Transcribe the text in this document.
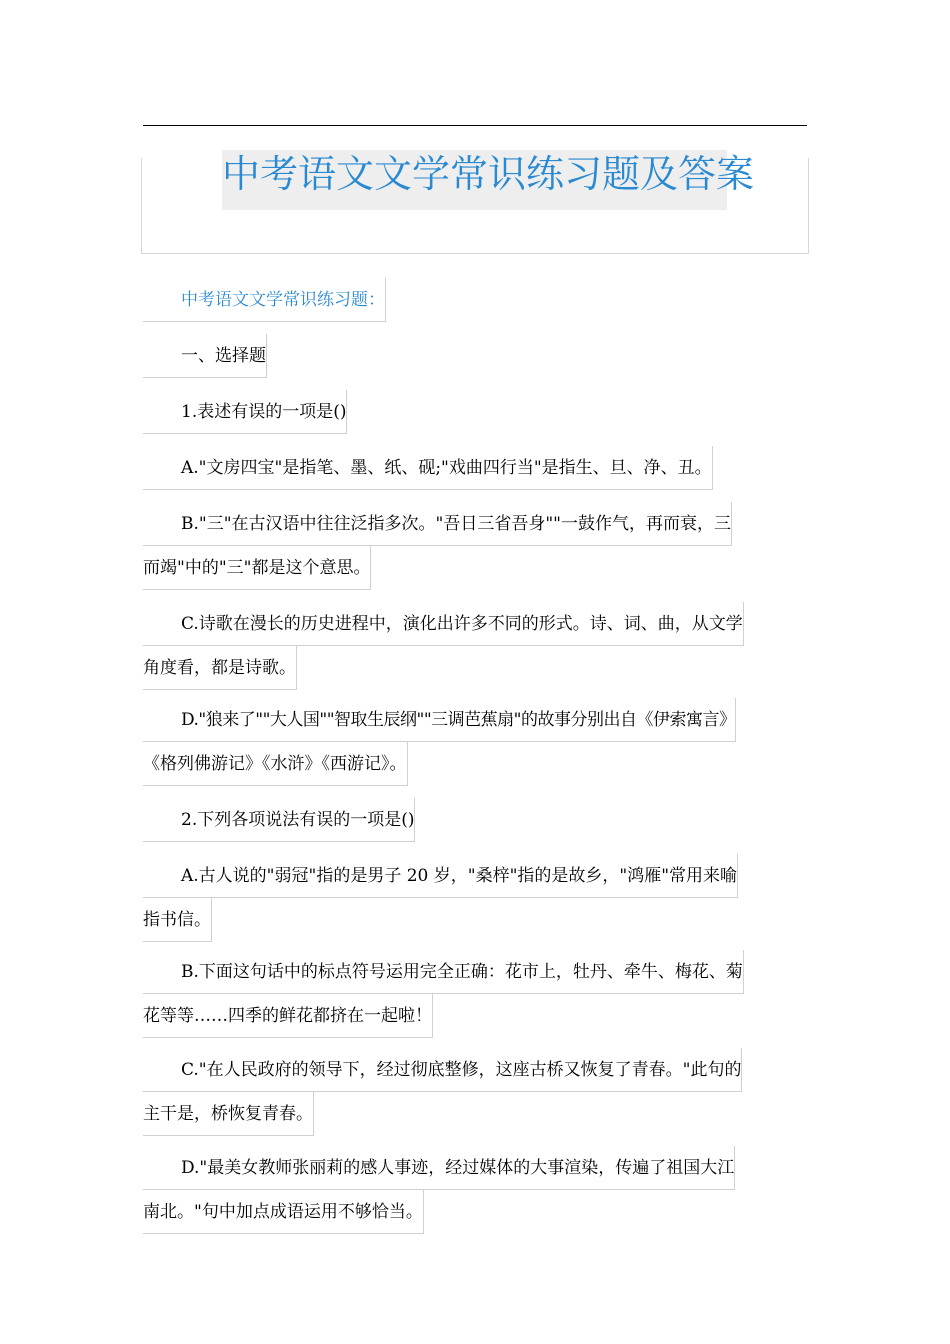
中考语文文学常识练习题及答案
中考语文文学常识练习题：
一、选择题
1.表述有误的一项是()
A."文房四宝"是指笔、墨、纸、砚;"戏曲四行当"是指生、旦、净、丑。
B."三"在古汉语中往往泛指多次。"吾日三省吾身""一鼓作气，再而衰，三
而竭"中的"三"都是这个意思。
C.诗歌在漫长的历史进程中，演化出许多不同的形式。诗、词、曲，从文学
角度看，都是诗歌。
D."狼来了""大人国""智取生辰纲""三调芭蕉扇"的故事分别出自《伊索寓言》
《格列佛游记》《水浒》《西游记》。
2.下列各项说法有误的一项是()
A.古人说的"弱冠"指的是男子 20 岁，"桑梓"指的是故乡，"鸿雁"常用来喻
指书信。
B.下面这句话中的标点符号运用完全正确：花市上，牡丹、牵牛、梅花、菊
花等等……四季的鲜花都挤在一起啦！
C."在人民政府的领导下，经过彻底整修，这座古桥又恢复了青春。"此句的
主干是，桥恢复青春。
D."最美女教师张丽莉的感人事迹，经过媒体的大事渲染，传遍了祖国大江
南北。"句中加点成语运用不够恰当。
